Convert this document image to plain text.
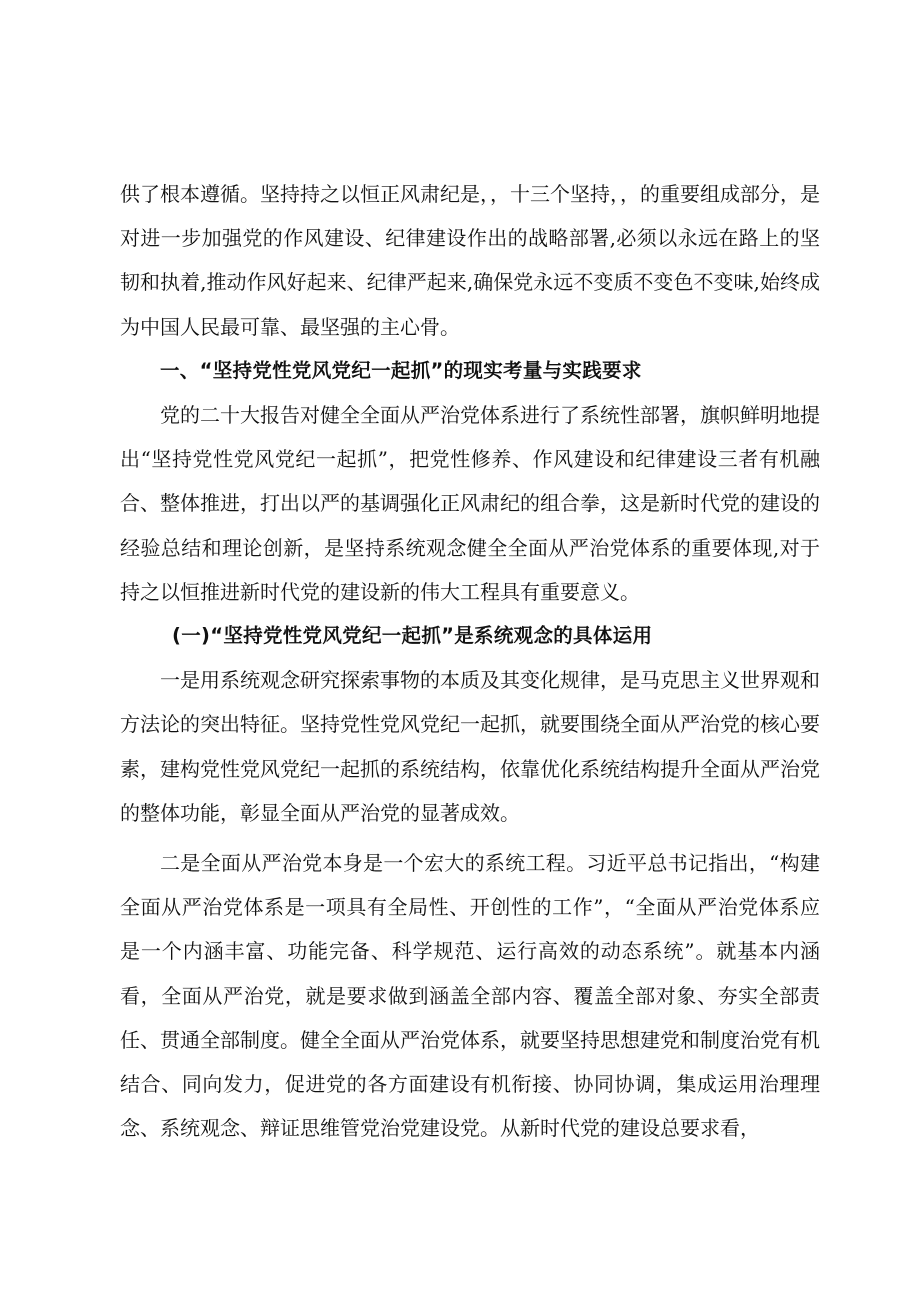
供了根本遵循。坚持持之以恒正风肃纪是，，十三个坚持，，的重要组成部分，是对进一步加强党的作风建设、纪律建设作出的战略部署,必须以永远在路上的坚韧和执着,推动作风好起来、纪律严起来,确保党永远不变质不变色不变味,始终成为中国人民最可靠、最坚强的主心骨。

一、“坚持党性党风党纪一起抓”的现实考量与实践要求

党的二十大报告对健全全面从严治党体系进行了系统性部署，旗帜鲜明地提出“坚持党性党风党纪一起抓”，把党性修养、作风建设和纪律建设三者有机融合、整体推进，打出以严的基调强化正风肃纪的组合拳，这是新时代党的建设的经验总结和理论创新，是坚持系统观念健全全面从严治党体系的重要体现,对于持之以恒推进新时代党的建设新的伟大工程具有重要意义。

(一)“坚持党性党风党纪一起抓”是系统观念的具体运用

一是用系统观念研究探索事物的本质及其变化规律，是马克思主义世界观和方法论的突出特征。坚持党性党风党纪一起抓，就要围绕全面从严治党的核心要素，建构党性党风党纪一起抓的系统结构，依靠优化系统结构提升全面从严治党的整体功能，彰显全面从严治党的显著成效。

二是全面从严治党本身是一个宏大的系统工程。习近平总书记指出，“构建全面从严治党体系是一项具有全局性、开创性的工作”，“全面从严治党体系应是一个内涵丰富、功能完备、科学规范、运行高效的动态系统”。就基本内涵看，全面从严治党，就是要求做到涵盖全部内容、覆盖全部对象、夯实全部责任、贯通全部制度。健全全面从严治党体系，就要坚持思想建党和制度治党有机结合、同向发力，促进党的各方面建设有机衔接、协同协调，集成运用治理理念、系统观念、辩证思维管党治党建设党。从新时代党的建设总要求看，
